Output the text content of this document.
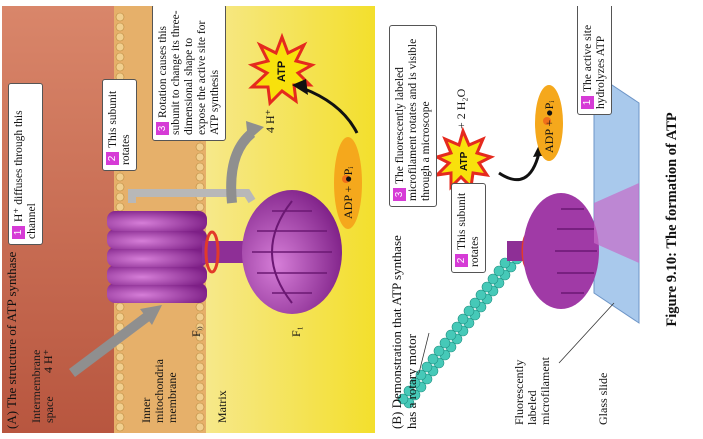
(A) The structure of ATP synthase Intermembrane space	Inner mitochondria membrane	Matrix
4 H⁺
4 H⁺
F₀	F₁
ADP + ●Pᵢ
ATP
1H⁺ diffuses through this channel
2This subunit rotates
3Rotation causes this subunit to change its three-dimensional shape to expose the active site for ATP synthesis
(B) Demonstration that ATP synthase has a rotary motor	Fluorescently labeled microfilament	Glass slide
ATP
+ 2 H₂O	ADP + ●Pᵢ
3The fluorescently labeled microfilament rotates and is visible through a microscope
2This subunit rotates
1The active site hydrolyzes ATP
Figure 9.10: The formation of ATP
